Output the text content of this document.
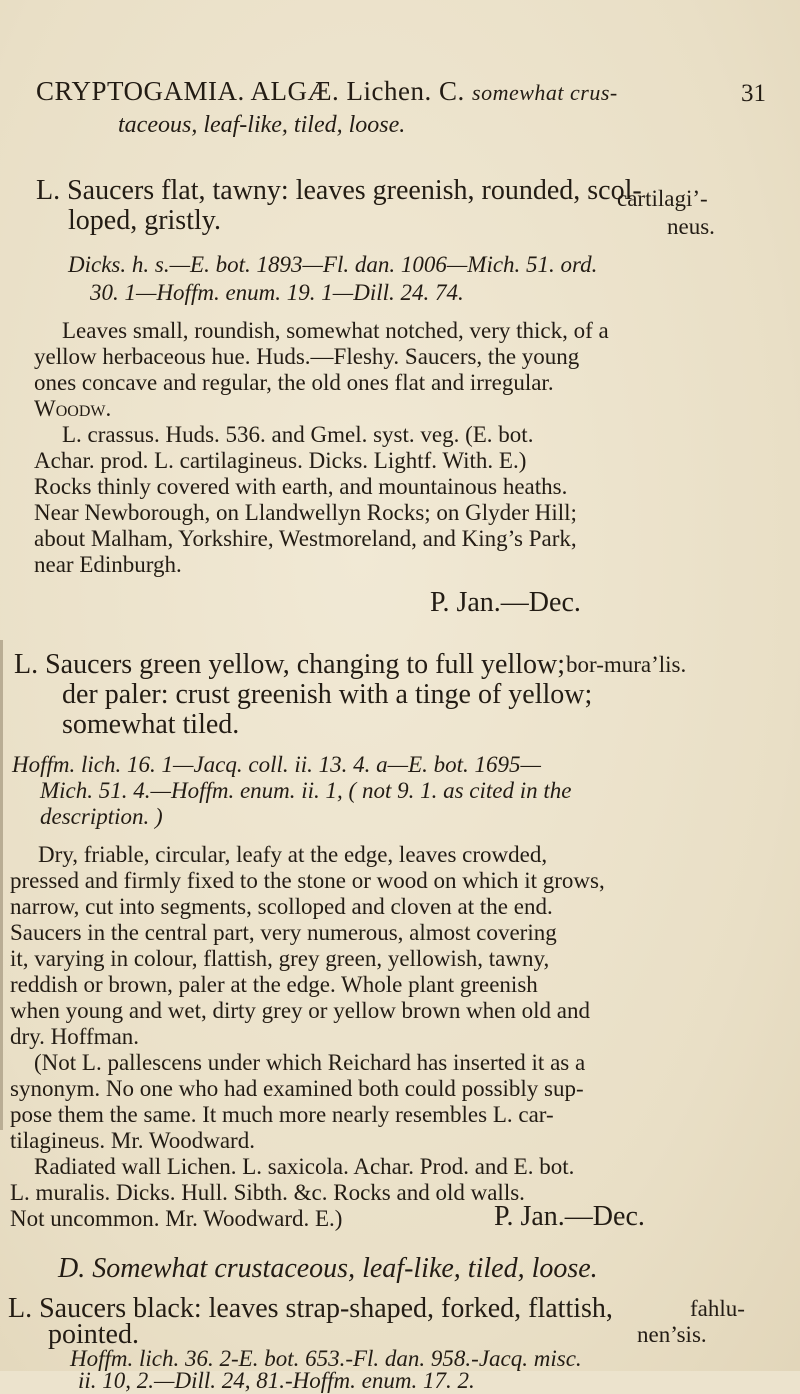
CRYPTOGAMIA. ALGÆ. Lichen. C. somewhat crus-
taceous, leaf-like, tiled, loose.
31
L. Saucers flat, tawny: leaves greenish, rounded, scol-
loped, gristly.
cartilagi’-
neus.
Dicks. h. s.—E. bot. 1893—Fl. dan. 1006—Mich. 51. ord.
30. 1—Hoffm. enum. 19. 1—Dill. 24. 74.
Leaves small, roundish, somewhat notched, very thick, of a
yellow herbaceous hue. Huds.—Fleshy. Saucers, the young
ones concave and regular, the old ones flat and irregular.
Woodw.
L. crassus. Huds. 536. and Gmel. syst. veg. (E. bot.
Achar. prod. L. cartilagineus. Dicks. Lightf. With. E.)
Rocks thinly covered with earth, and mountainous heaths.
Near Newborough, on Llandwellyn Rocks; on Glyder Hill;
about Malham, Yorkshire, Westmoreland, and King’s Park,
near Edinburgh.
P. Jan.—Dec.
L. Saucers green yellow, changing to full yellow; bor-mura’lis.
der paler: crust greenish with a tinge of yellow;
somewhat tiled.
Hoffm. lich. 16. 1—Jacq. coll. ii. 13. 4. a—E. bot. 1695—
Mich. 51. 4.—Hoffm. enum. ii. 1, ( not 9. 1. as cited in the
description. )
Dry, friable, circular, leafy at the edge, leaves crowded,
pressed and firmly fixed to the stone or wood on which it grows,
narrow, cut into segments, scolloped and cloven at the end.
Saucers in the central part, very numerous, almost covering
it, varying in colour, flattish, grey green, yellowish, tawny,
reddish or brown, paler at the edge. Whole plant greenish
when young and wet, dirty grey or yellow brown when old and
dry. Hoffman.
(Not L. pallescens under which Reichard has inserted it as a
synonym. No one who had examined both could possibly sup-
pose them the same. It much more nearly resembles L. car-
tilagineus. Mr. Woodward.
Radiated wall Lichen. L. saxicola. Achar. Prod. and E. bot.
L. muralis. Dicks. Hull. Sibth. &c. Rocks and old walls.
Not uncommon. Mr. Woodward. E.)	P. Jan.—Dec.
D. Somewhat crustaceous, leaf-like, tiled, loose.
L. Saucers black: leaves strap-shaped, forked, flattish,	fahlu-
pointed.	nen’sis.
Hoffm. lich. 36. 2-E. bot. 653.-Fl. dan. 958.-Jacq. misc.
ii. 10, 2.—Dill. 24, 81.-Hoffm. enum. 17. 2.
